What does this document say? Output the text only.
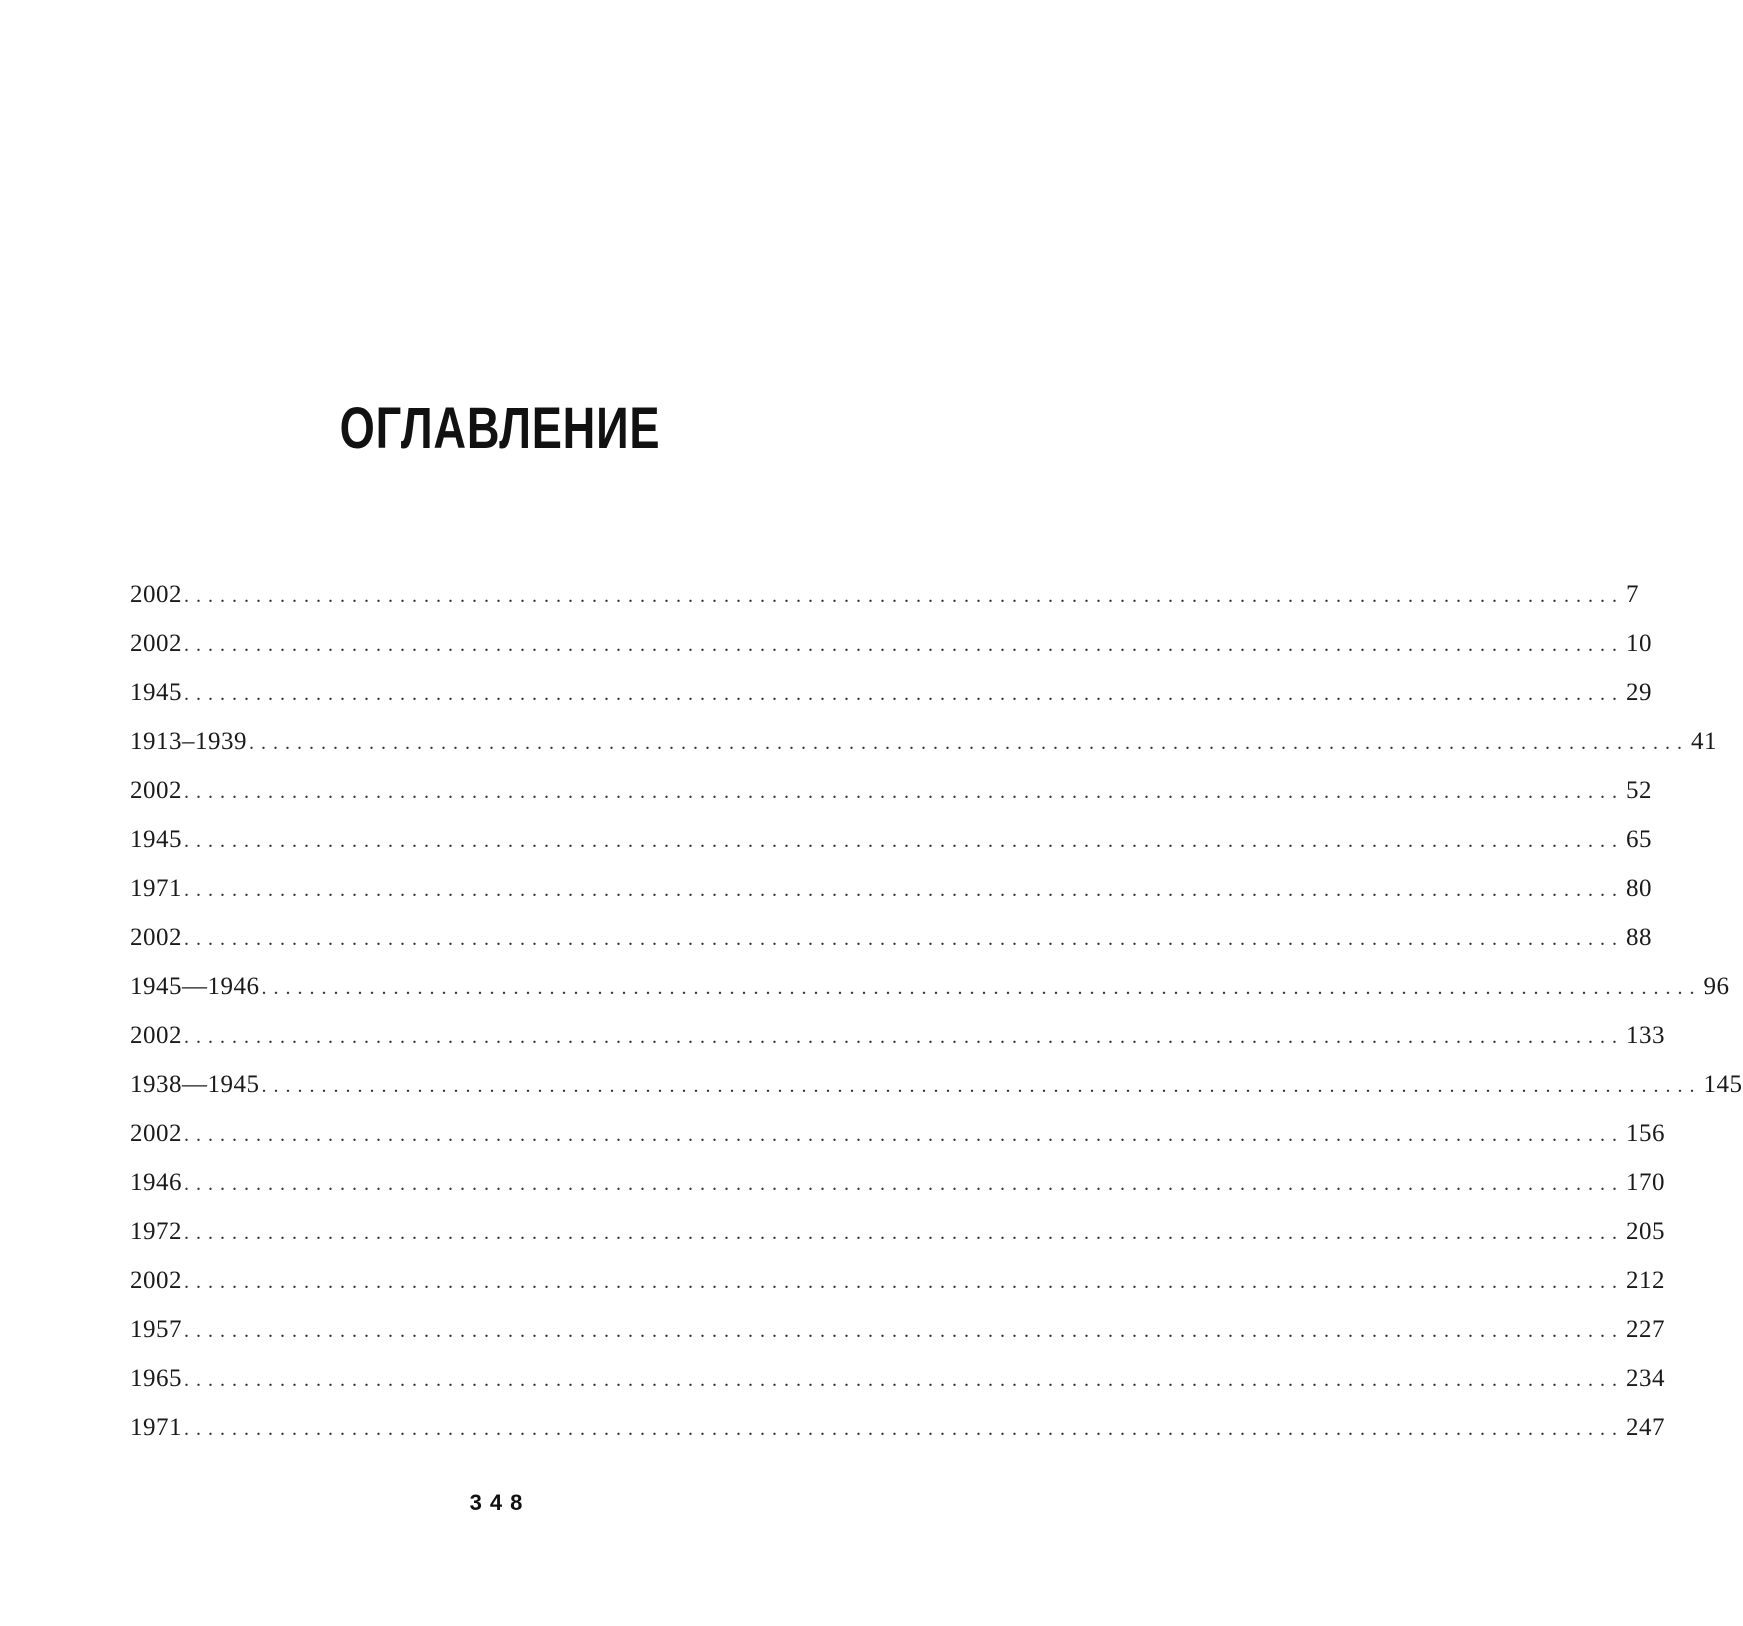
ОГЛАВЛЕНИЕ
2002 ........................................................................................................................ 7
2002 ........................................................................................................................ 10
1945 ........................................................................................................................ 29
1913–1939 ........................................................................................................................ 41
2002 ........................................................................................................................ 52
1945 ........................................................................................................................ 65
1971 ........................................................................................................................ 80
2002 ........................................................................................................................ 88
1945—1946 ........................................................................................................................ 96
2002 ........................................................................................................................ 133
1938—1945 ........................................................................................................................ 145
2002 ........................................................................................................................ 156
1946 ........................................................................................................................ 170
1972 ........................................................................................................................ 205
2002 ........................................................................................................................ 212
1957 ........................................................................................................................ 227
1965 ........................................................................................................................ 234
1971 ........................................................................................................................ 247
348
